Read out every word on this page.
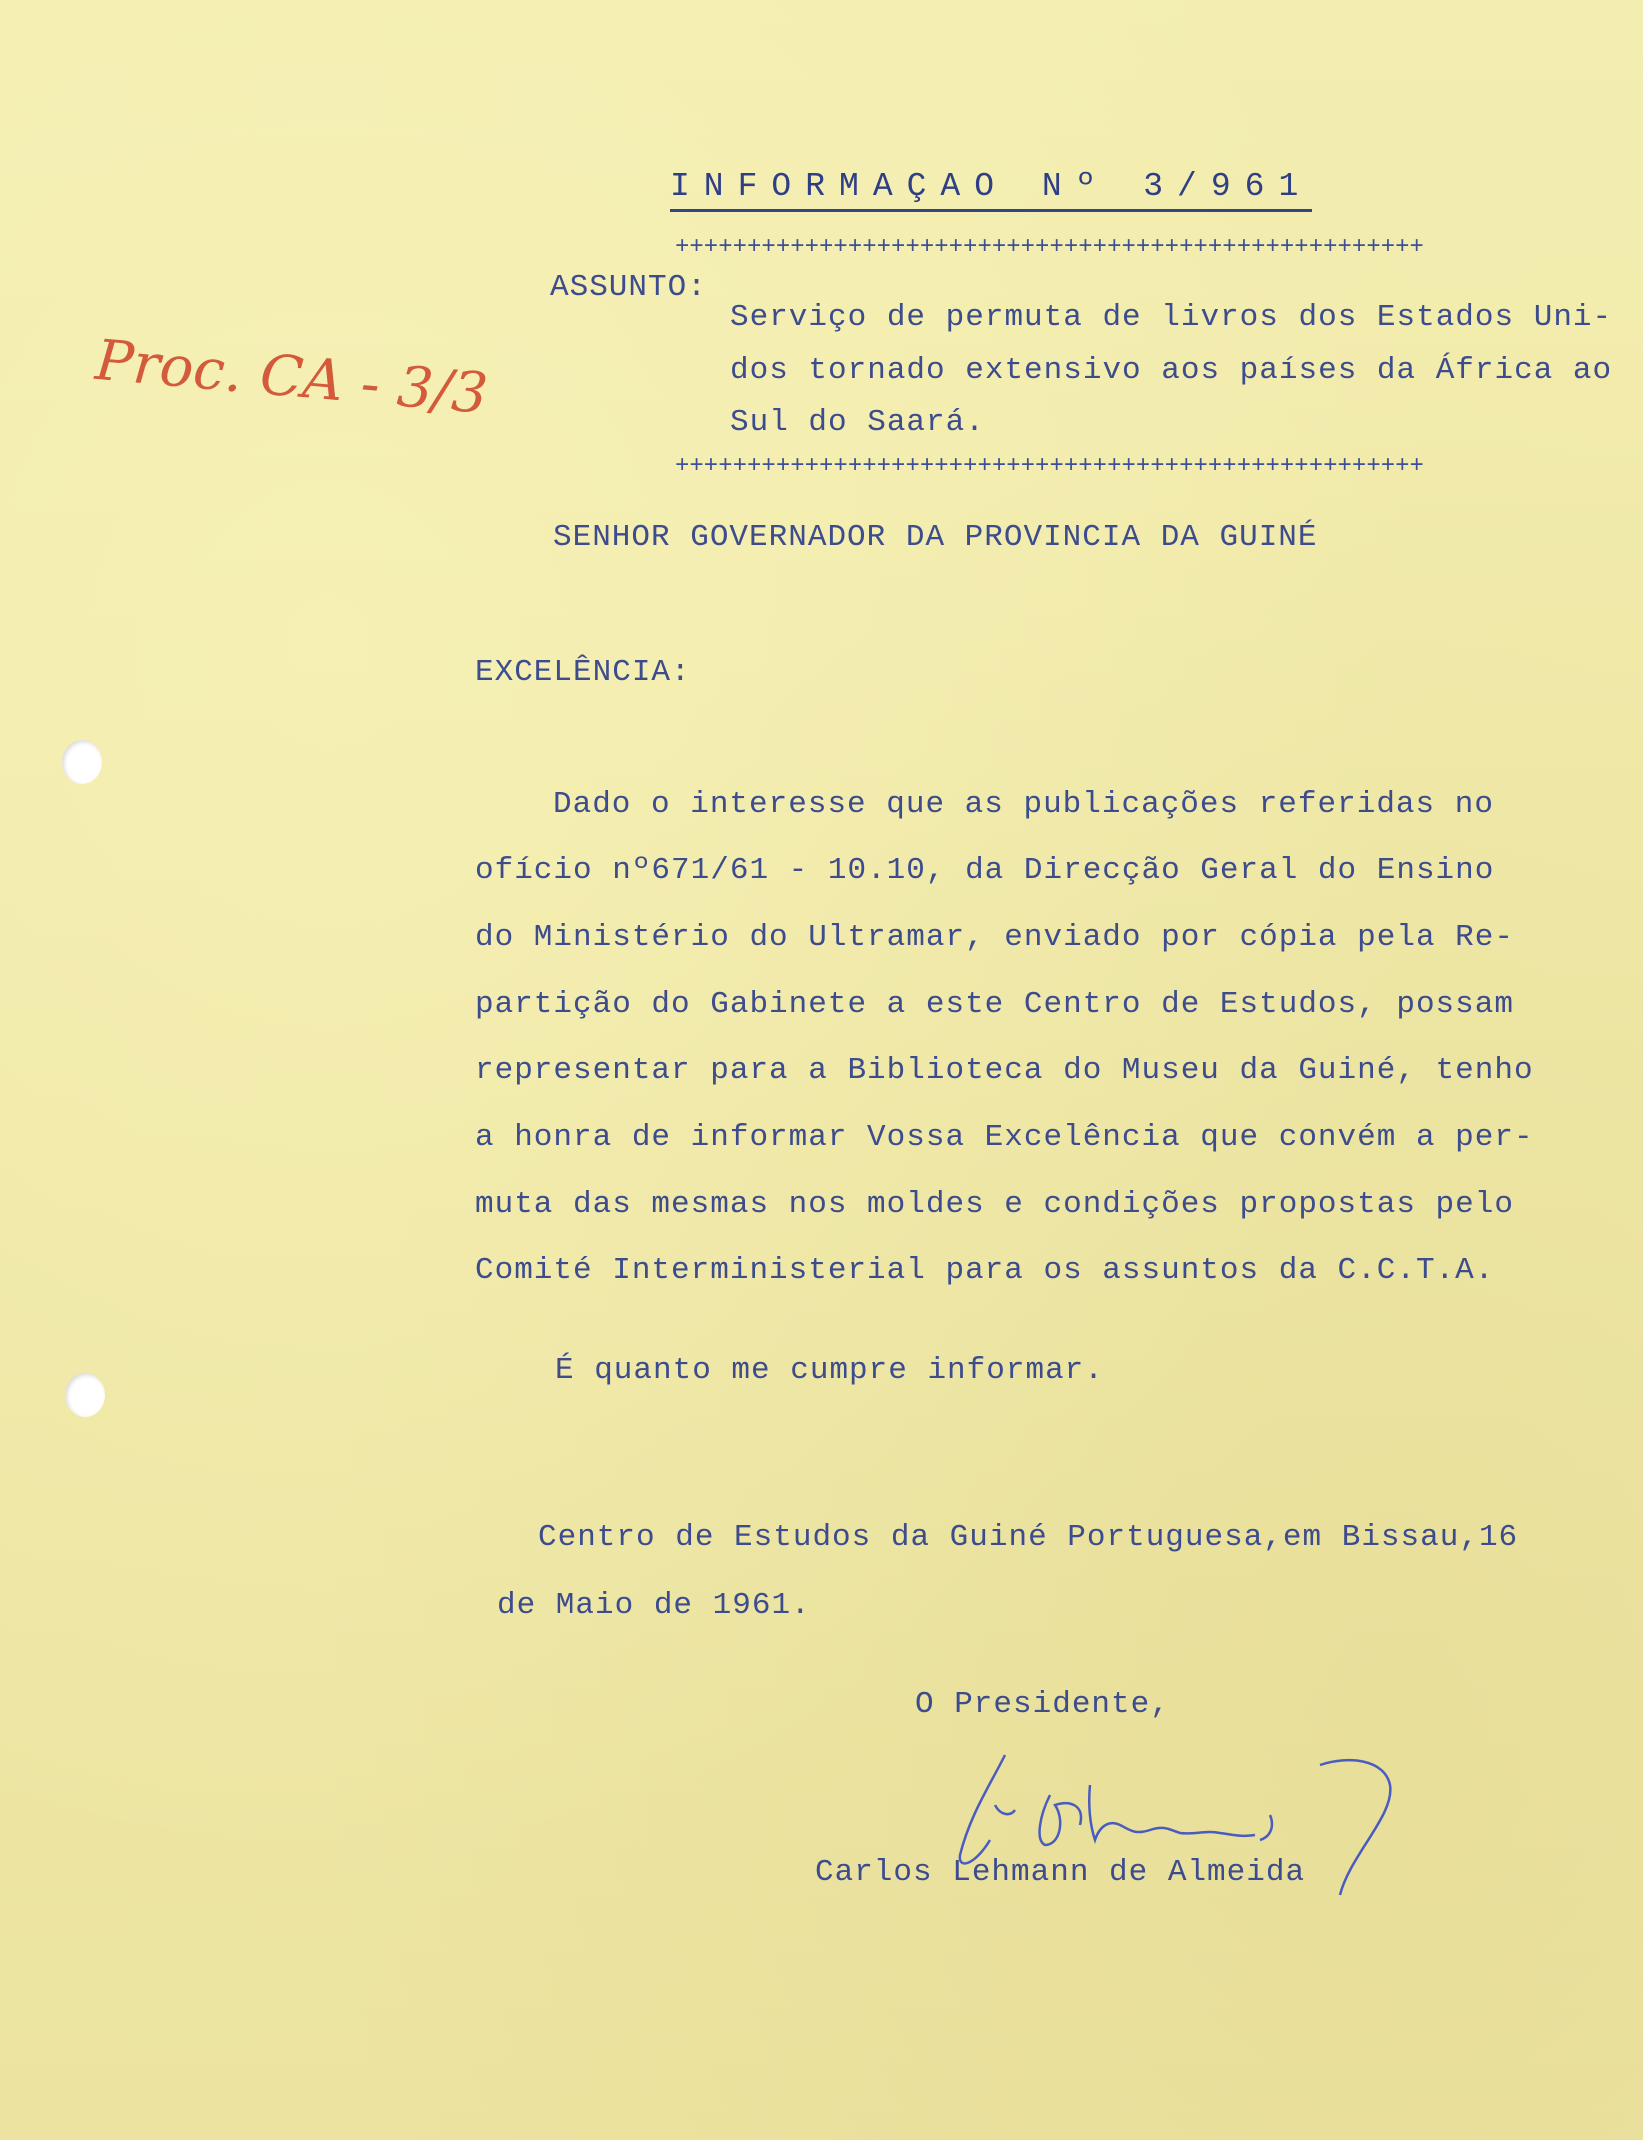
INFORMAÇAO Nº 3/961
++++++++++++++++++++++++++++++++++++++++++++++++++++
ASSUNTO:
Serviço de permuta de livros dos Estados Uni-
dos tornado extensivo aos países da África ao
Sul do Saará.
++++++++++++++++++++++++++++++++++++++++++++++++++++
Proc. CA - 3/3
SENHOR GOVERNADOR DA PROVINCIA DA GUINÉ
EXCELÊNCIA:
Dado o interesse que as publicações referidas no
ofício nº671/61 - 10.10, da Direcção Geral do Ensino
do Ministério do Ultramar, enviado por cópia pela Re-
partição do Gabinete a este Centro de Estudos, possam
representar para a Biblioteca do Museu da Guiné, tenho
a honra de informar Vossa Excelência que convém a per-
muta das mesmas nos moldes e condições propostas pelo
Comité Interministerial para os assuntos da C.C.T.A.
É quanto me cumpre informar.
Centro de Estudos da Guiné Portuguesa,em Bissau,16
de Maio de 1961.
O Presidente,
Carlos Lehmann de Almeida
